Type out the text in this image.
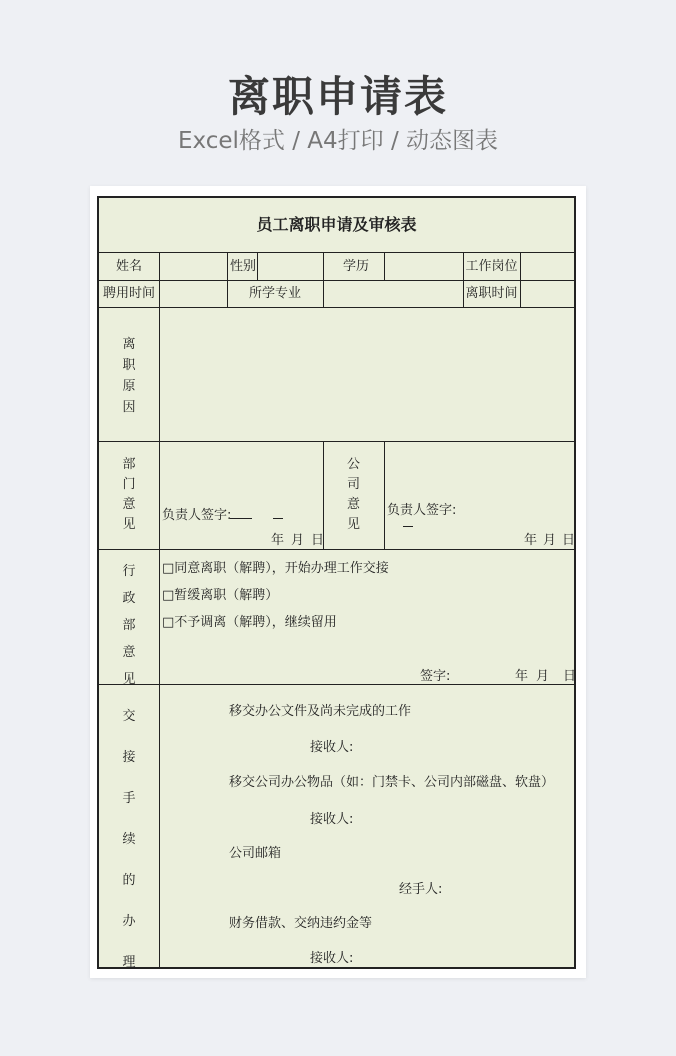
离职申请表
Excel格式 / A4打印 / 动态图表
员工离职申请及审核表
姓名	性别	学历	工作岗位
聘用时间	所学专业	离职时间
离职原因
部门意见
负责人签字:

年 月 日
公司意见
负责人签字:
年 月 日
行政部意见
□同意离职（解聘），开始办理工作交接
□暂缓离职（解聘）
□不予调离（解聘），继续留用
签字:	年 月 日
交接手续的办理
移交办公文件及尚未完成的工作
接收人:
移交公司办公物品（如：门禁卡、公司内部磁盘、软盘）
接收人:
公司邮箱
经手人:
财务借款、交纳违约金等
接收人:
